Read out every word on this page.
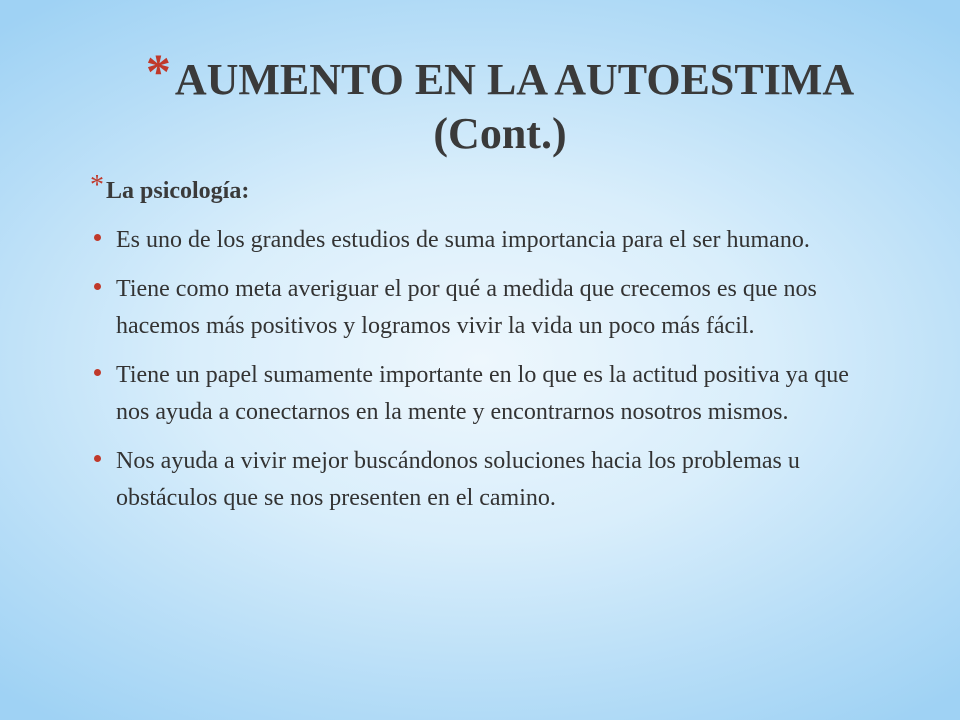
*AUMENTO EN LA AUTOESTIMA
(Cont.)
*La psicología:
Es uno de los grandes estudios de suma importancia para el ser humano.
Tiene como meta averiguar el por qué a medida que crecemos es que nos hacemos más positivos y logramos vivir la vida un poco más fácil.
Tiene un papel sumamente importante en lo que es la actitud positiva ya que nos ayuda a conectarnos en la mente y encontrarnos nosotros mismos.
Nos ayuda a vivir mejor buscándonos soluciones hacia los problemas u obstáculos que se nos presenten en el camino.
